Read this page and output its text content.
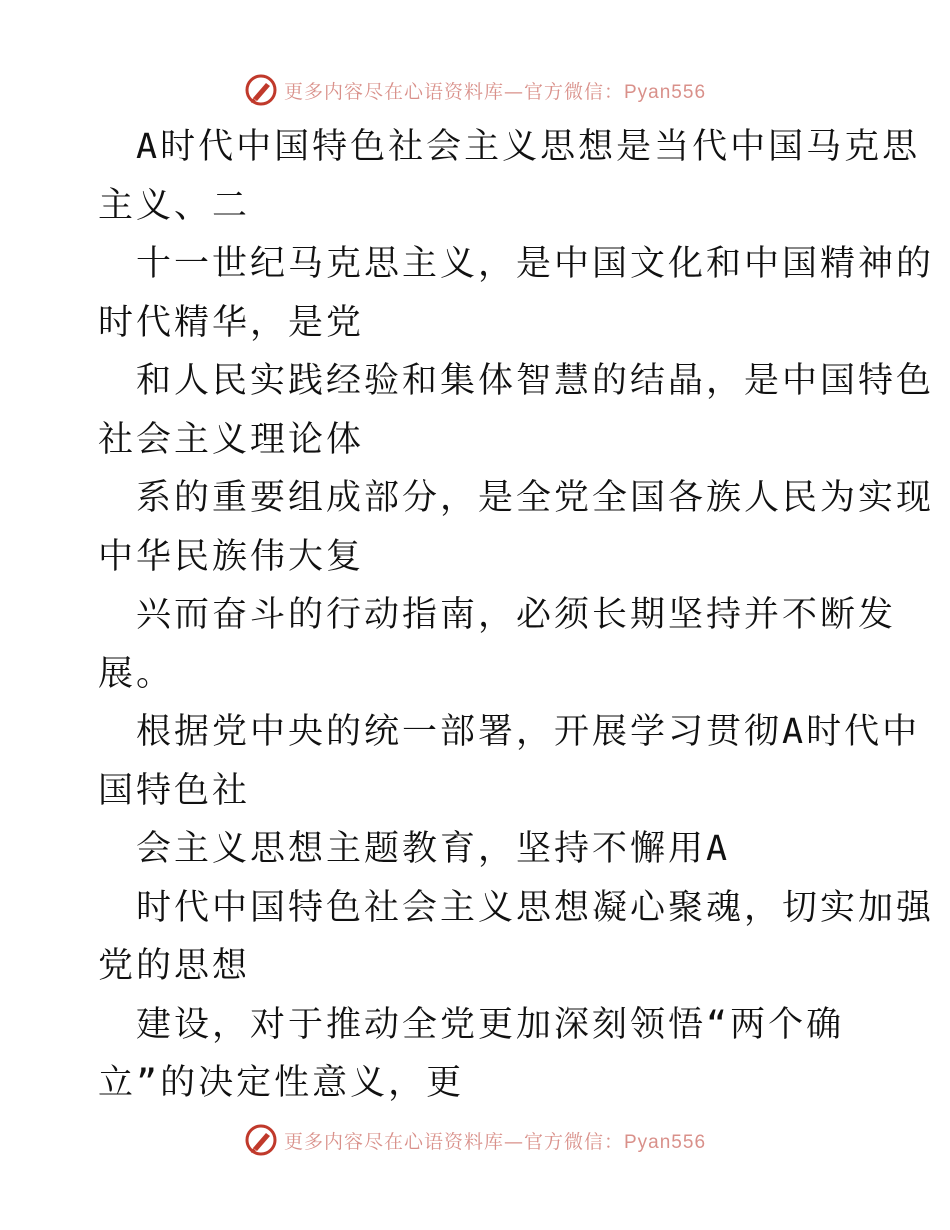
更多内容尽在心语资料库—官方微信：Pyan556
A时代中国特色社会主义思想是当代中国马克思
主义、二
十一世纪马克思主义，是中国文化和中国精神的
时代精华，是党
和人民实践经验和集体智慧的结晶，是中国特色
社会主义理论体
系的重要组成部分，是全党全国各族人民为实现
中华民族伟大复
兴而奋斗的行动指南，必须长期坚持并不断发
展。
根据党中央的统一部署，开展学习贯彻A时代中
国特色社
会主义思想主题教育，坚持不懈用A
时代中国特色社会主义思想凝心聚魂，切实加强
党的思想
建设，对于推动全党更加深刻领悟“两个确
立”的决定性意义，更
更多内容尽在心语资料库—官方微信：Pyan556
